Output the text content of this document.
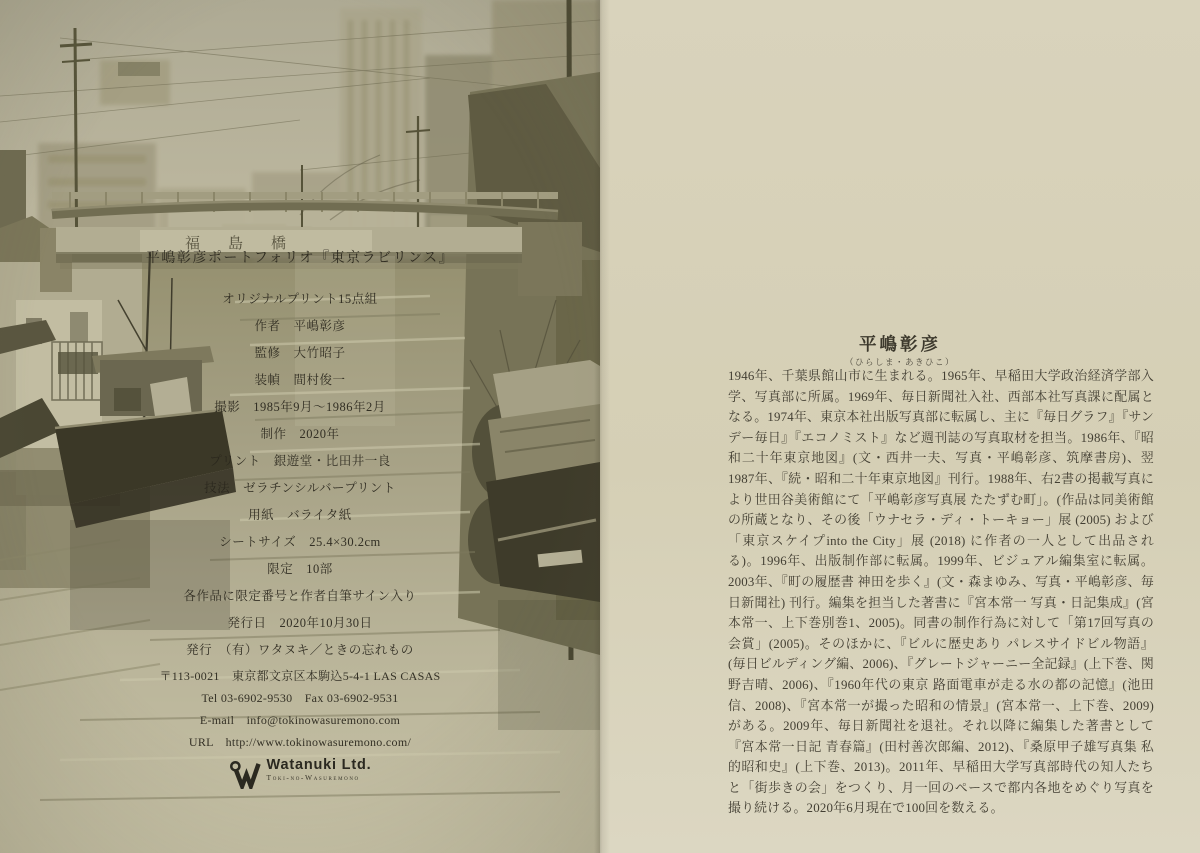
平嶋彰彦ポートフォリオ『東京ラビリンス』
オリジナルプリント15点組
作者　平嶋彰彦
監修　大竹昭子
装幀　間村俊一
撮影　1985年9月〜1986年2月
制作　2020年
プリント　銀遊堂・比田井一良
技法　ゼラチンシルバープリント
用紙　バライタ紙
シートサイズ　25.4×30.2cm
限定　10部
各作品に限定番号と作者自筆サイン入り
発行日　2020年10月30日
発行　（有）ワタヌキ／ときの忘れもの
〒113-0021　東京都文京区本駒込5-4-1 LAS CASAS
Tel 03-6902-9530　Fax 03-6902-9531
E-mail　info@tokinowasuremono.com
URL　http://www.tokinowasuremono.com/
Watanuki Ltd.
Toki-no-Wasuremono
平嶋彰彦
（ひらしま・あきひこ）

1946年、千葉県館山市に生まれる。1965年、早稲田大学政治経済学部入学、写真部に所属。1969年、毎日新聞社入社、西部本社写真課に配属となる。1974年、東京本社出版写真部に転属し、主に『毎日グラフ』『サンデー毎日』『エコノミスト』など週刊誌の写真取材を担当。1986年、『昭和二十年東京地図』(文・西井一夫、写真・平嶋彰彦、筑摩書房)、翌1987年、『続・昭和二十年東京地図』刊行。1988年、右2書の掲載写真により世田谷美術館にて「平嶋彰彦写真展 たたずむ町」。(作品は同美術館の所蔵となり、その後「ウナセラ・ディ・トーキョー」展 (2005) および「東京スケイプinto the City」展 (2018) に作者の一人として出品される)。1996年、出版制作部に転属。1999年、ビジュアル編集室に転属。2003年、『町の履歴書 神田を歩く』(文・森まゆみ、写真・平嶋彰彦、毎日新聞社) 刊行。編集を担当した著書に『宮本常一 写真・日記集成』(宮本常一、上下巻別巻1、2005)。同書の制作行為に対して「第17回写真の会賞」(2005)。そのほかに、『ビルに歴史あり パレスサイドビル物語』(毎日ビルディング編、2006)、『グレートジャーニー全記録』(上下巻、関野吉晴、2006)、『1960年代の東京 路面電車が走る水の都の記憶』(池田信、2008)、『宮本常一が撮った昭和の情景』(宮本常一、上下巻、2009) がある。2009年、毎日新聞社を退社。それ以降に編集した著書として『宮本常一日記 青春篇』(田村善次郎編、2012)、『桑原甲子雄写真集 私的昭和史』(上下巻、2013)。2011年、早稲田大学写真部時代の知人たちと「街歩きの会」をつくり、月一回のペースで都内各地をめぐり写真を撮り続ける。2020年6月現在で100回を数える。
